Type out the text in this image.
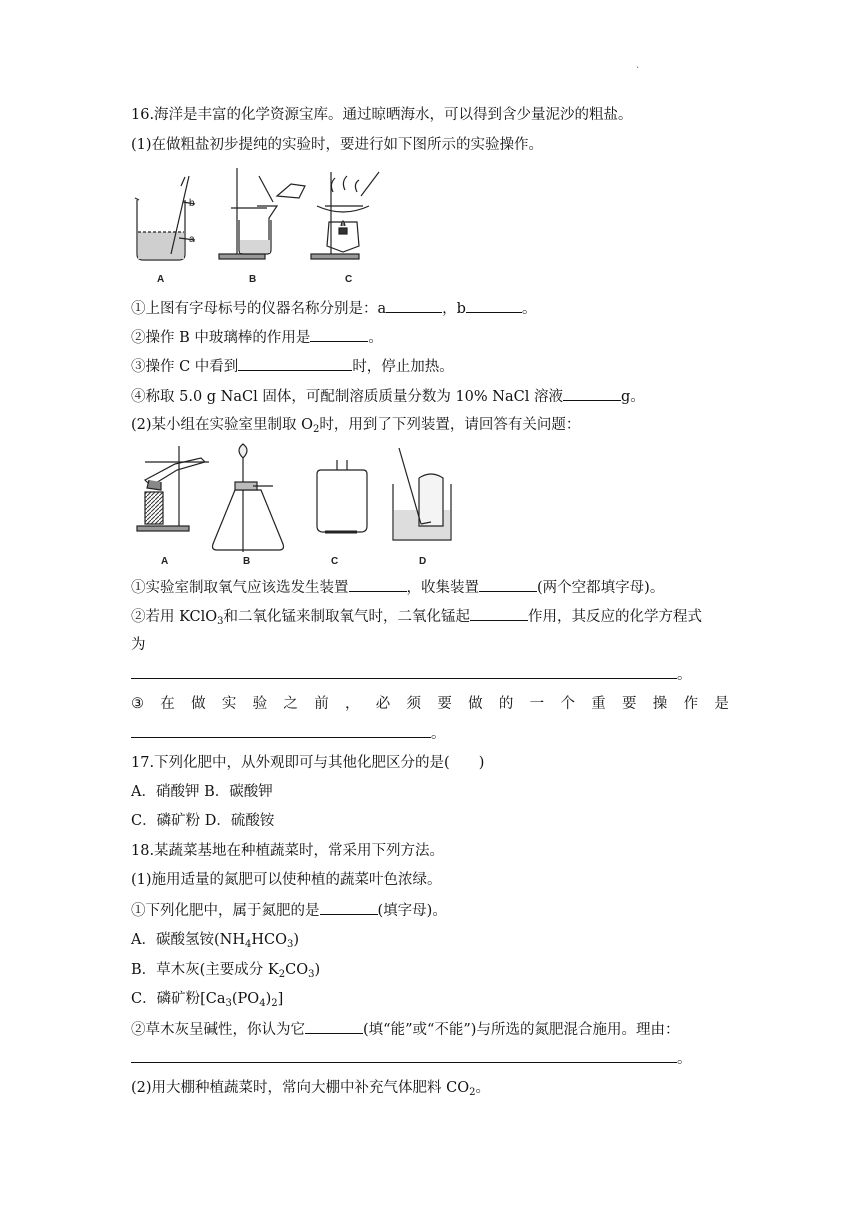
.
16.海洋是丰富的化学资源宝库。通过晾晒海水，可以得到含少量泥沙的粗盐。
(1)在做粗盐初步提纯的实验时，要进行如下图所示的实验操作。
A	B	C
b
a
①上图有字母标号的仪器名称分别是：a	，b	。
②操作 B 中玻璃棒的作用是	。
③操作 C 中看到	时，停止加热。
④称取 5.0 g NaCl 固体，可配制溶质质量分数为 10% NaCl 溶液	g。
(2)某小组在实验室里制取 $O_2$时，用到了下列装置，请回答有关问题：
A	B	C	D
①实验室制取氧气应该选发生装置	，收集装置	(两个空都填字母)。
②若用 KClO$_3$和二氧化锰来制取氧气时，二氧化锰起	作用，其反应的化学方程式
为
。
③ 在 做 实 验 之 前 ， 必 须 要 做 的 一 个 重 要 操 作 是
。
17.下列化肥中，从外观即可与其他化肥区分的是(　　)
A．硝酸钾 B．碳酸钾
C．磷矿粉 D．硫酸铵
18.某蔬菜基地在种植蔬菜时，常采用下列方法。
(1)施用适量的氮肥可以使种植的蔬菜叶色浓绿。
①下列化肥中，属于氮肥的是	(填字母)。
A．碳酸氢铵$(NH_4HCO_3)$
B．草木灰(主要成分 $K_2CO_3$)
C．磷矿粉$[Ca_3(PO_4)_2]$
②草木灰呈碱性，你认为它	(填“能”或“不能”)与所选的氮肥混合施用。理由：
。
(2)用大棚种植蔬菜时，常向大棚中补充气体肥料 $CO_2$。
